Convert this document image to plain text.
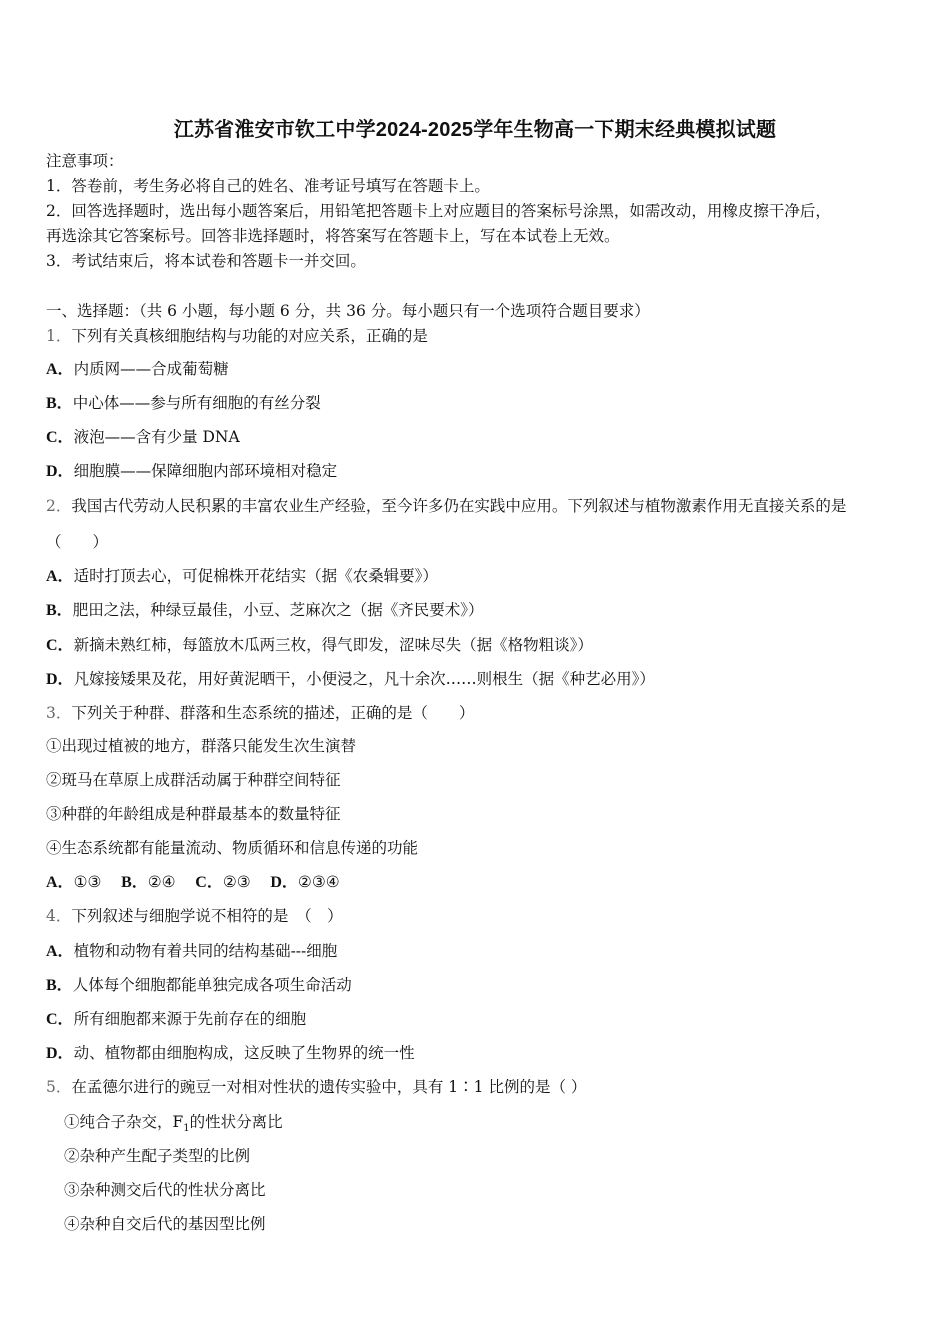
江苏省淮安市钦工中学2024-2025学年生物高一下期末经典模拟试题
注意事项：
1．答卷前，考生务必将自己的姓名、准考证号填写在答题卡上。
2．回答选择题时，选出每小题答案后，用铅笔把答题卡上对应题目的答案标号涂黑，如需改动，用橡皮擦干净后，
再选涂其它答案标号。回答非选择题时，将答案写在答题卡上，写在本试卷上无效。
3．考试结束后，将本试卷和答题卡一并交回。
一、选择题：（共 6 小题，每小题 6 分，共 36 分。每小题只有一个选项符合题目要求）
1．下列有关真核细胞结构与功能的对应关系，正确的是
A．内质网——合成葡萄糖
B．中心体——参与所有细胞的有丝分裂
C．液泡——含有少量 DNA
D．细胞膜——保障细胞内部环境相对稳定
2．我国古代劳动人民积累的丰富农业生产经验，至今许多仍在实践中应用。下列叙述与植物激素作用无直接关系的是
（　　）
A．适时打顶去心，可促棉株开花结实（据《农桑辑要》）
B．肥田之法，种绿豆最佳，小豆、芝麻次之（据《齐民要术》）
C．新摘未熟红柿，每篮放木瓜两三枚，得气即发，涩味尽失（据《格物粗谈》）
D．凡嫁接矮果及花，用好黄泥晒干，小便浸之，凡十余次……则根生（据《种艺必用》）
3．下列关于种群、群落和生态系统的描述，正确的是（　　）
①出现过植被的地方，群落只能发生次生演替
②斑马在草原上成群活动属于种群空间特征
③种群的年龄组成是种群最基本的数量特征
④生态系统都有能量流动、物质循环和信息传递的功能
A．①③ B．②④ C．②③ D．②③④
4．下列叙述与细胞学说不相符的是　（　）
A．植物和动物有着共同的结构基础---细胞
B．人体每个细胞都能单独完成各项生命活动
C．所有细胞都来源于先前存在的细胞
D．动、植物都由细胞构成，这反映了生物界的统一性
5．在孟德尔进行的豌豆一对相对性状的遗传实验中，具有 1∶1 比例的是（ ）
①纯合子杂交，$F_1$的性状分离比
②杂种产生配子类型的比例
③杂种测交后代的性状分离比
④杂种自交后代的基因型比例
